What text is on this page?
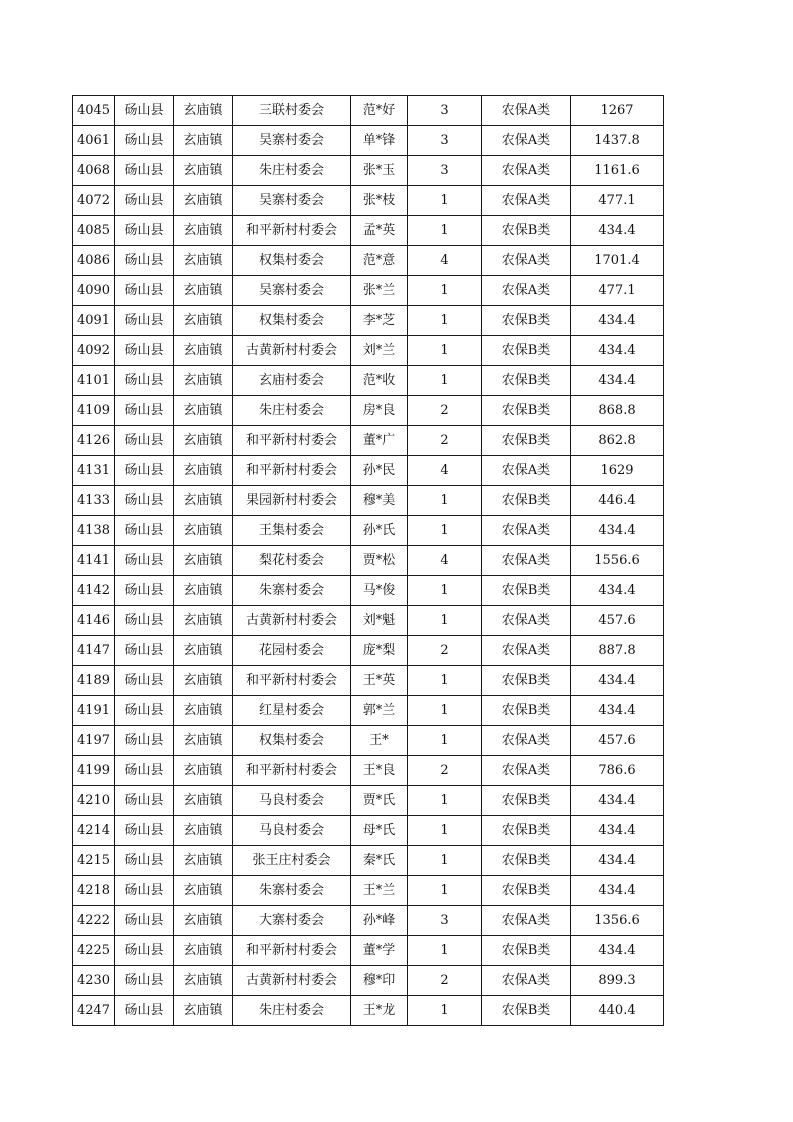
4045	砀山县	玄庙镇	三联村委会	范*好	3	农保A类	1267
4061	砀山县	玄庙镇	吴寨村委会	单*锋	3	农保A类	1437.8
4068	砀山县	玄庙镇	朱庄村委会	张*玉	3	农保A类	1161.6
4072	砀山县	玄庙镇	吴寨村委会	张*枝	1	农保A类	477.1
4085	砀山县	玄庙镇	和平新村村委会	孟*英	1	农保B类	434.4
4086	砀山县	玄庙镇	权集村委会	范*意	4	农保A类	1701.4
4090	砀山县	玄庙镇	吴寨村委会	张*兰	1	农保A类	477.1
4091	砀山县	玄庙镇	权集村委会	李*芝	1	农保B类	434.4
4092	砀山县	玄庙镇	古黄新村村委会	刘*兰	1	农保B类	434.4
4101	砀山县	玄庙镇	玄庙村委会	范*收	1	农保B类	434.4
4109	砀山县	玄庙镇	朱庄村委会	房*良	2	农保B类	868.8
4126	砀山县	玄庙镇	和平新村村委会	董*广	2	农保B类	862.8
4131	砀山县	玄庙镇	和平新村村委会	孙*民	4	农保A类	1629
4133	砀山县	玄庙镇	果园新村村委会	穆*美	1	农保B类	446.4
4138	砀山县	玄庙镇	王集村委会	孙*氏	1	农保A类	434.4
4141	砀山县	玄庙镇	梨花村委会	贾*松	4	农保A类	1556.6
4142	砀山县	玄庙镇	朱寨村委会	马*俊	1	农保B类	434.4
4146	砀山县	玄庙镇	古黄新村村委会	刘*魁	1	农保A类	457.6
4147	砀山县	玄庙镇	花园村委会	庞*梨	2	农保A类	887.8
4189	砀山县	玄庙镇	和平新村村委会	王*英	1	农保B类	434.4
4191	砀山县	玄庙镇	红星村委会	郭*兰	1	农保B类	434.4
4197	砀山县	玄庙镇	权集村委会	王*	1	农保A类	457.6
4199	砀山县	玄庙镇	和平新村村委会	王*良	2	农保A类	786.6
4210	砀山县	玄庙镇	马良村委会	贾*氏	1	农保B类	434.4
4214	砀山县	玄庙镇	马良村委会	母*氏	1	农保B类	434.4
4215	砀山县	玄庙镇	张王庄村委会	秦*氏	1	农保B类	434.4
4218	砀山县	玄庙镇	朱寨村委会	王*兰	1	农保B类	434.4
4222	砀山县	玄庙镇	大寨村委会	孙*峰	3	农保A类	1356.6
4225	砀山县	玄庙镇	和平新村村委会	董*学	1	农保B类	434.4
4230	砀山县	玄庙镇	古黄新村村委会	穆*印	2	农保A类	899.3
4247	砀山县	玄庙镇	朱庄村委会	王*龙	1	农保B类	440.4
